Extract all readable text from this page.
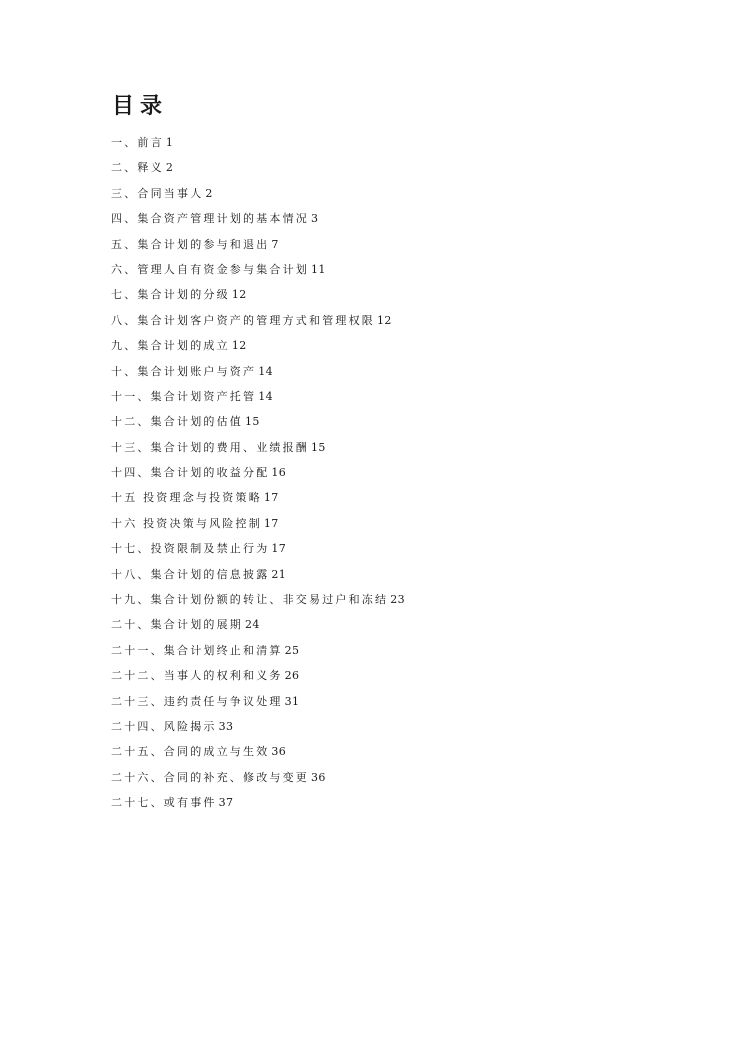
目录
一、前言 1
二、释义 2
三、合同当事人 2
四、集合资产管理计划的基本情况 3
五、集合计划的参与和退出 7
六、管理人自有资金参与集合计划 11
七、集合计划的分级 12
八、集合计划客户资产的管理方式和管理权限 12
九、集合计划的成立 12
十、集合计划账户与资产 14
十一、集合计划资产托管 14
十二、集合计划的估值 15
十三、集合计划的费用、业绩报酬 15
十四、集合计划的收益分配 16
十五 投资理念与投资策略 17
十六 投资决策与风险控制 17
十七、投资限制及禁止行为 17
十八、集合计划的信息披露 21
十九、集合计划份额的转让、非交易过户和冻结 23
二十、集合计划的展期 24
二十一、集合计划终止和清算 25
二十二、当事人的权利和义务 26
二十三、违约责任与争议处理 31
二十四、风险揭示 33
二十五、合同的成立与生效 36
二十六、合同的补充、修改与变更 36
二十七、或有事件 37
